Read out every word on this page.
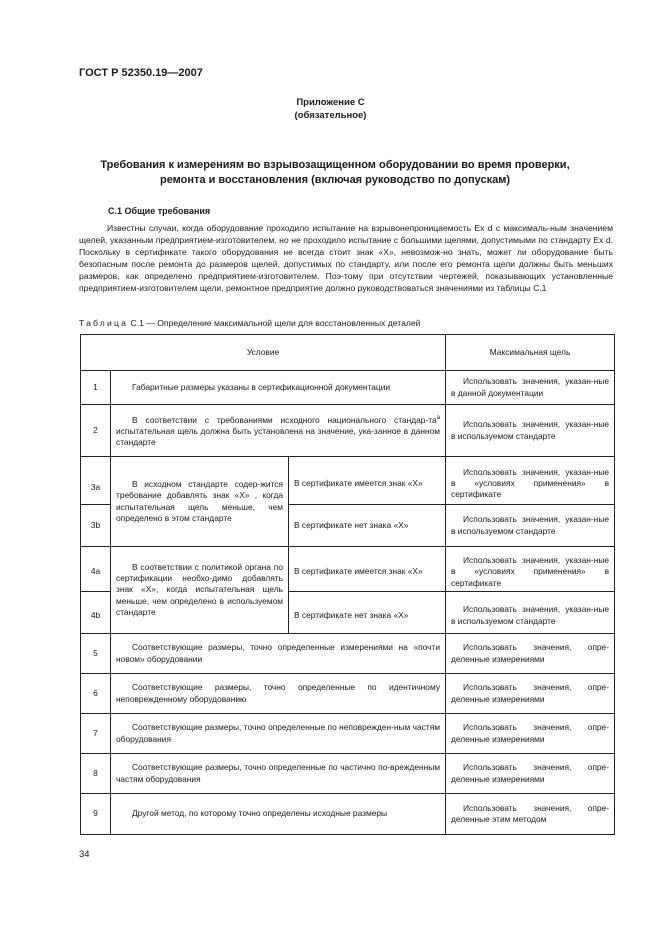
ГОСТ Р 52350.19—2007
Приложение С
(обязательное)
Требования к измерениям во взрывозащищенном оборудовании во время проверки,
ремонта и восстановления (включая руководство по допускам)
С.1 Общие требования
Известны случаи, когда оборудование проходило испытание на взрывонепроницаемость Ex d с максималь-ным значением щелей, указанным предприятием-изготовителем, но не проходило испытание с большими щелями, допустимыми по стандарту Ex d. Поскольку в сертификате такого оборудования не всегда стоит знак «Х», невозмож-но знать, может ли оборудование быть безопасным после ремонта до размеров щелей, допустимых по стандарту, или после его ремонта щели должны быть меньших размеров, как определено предприятием-изготовителем. Поэ-тому при отсутствии чертежей, показывающих установленные предприятием-изготовителем щели, ремонтное предприятие должно руководствоваться значениями из таблицы С.1
Таблица С.1 — Определение максимальной щели для восстановленных деталей
Условие			Максимальная щель
1	Габаритные размеры указаны в сертификационной документации		Использовать значения, указан-ные в данной документации
2	В соответствии с требованиями исходного национального стандар-$та^a$ испытательная щель должна быть установлена на значение, ука-занное в данном стандарте		Использовать значения, указан-ные в используемом стандарте
3a	В исходном стандарте содер-жится требование добавлять знак «Х» , когда испытательная щель меньше, чем определено в этом стандарте	В сертификате имеется знак «Х»	Использовать значения, указан-ные в «условиях применения» в сертификате
3b		В сертификате нет знака «Х»	Использовать значения, указан-ные в используемом стандарте
4a	В соответствии с политикой органа по сертификации необхо-димо добавлять знак «Х», когда испытательная щель меньше, чем определено в используемом стандарте	В сертификате имеется знак «Х»	Использовать значения, указан-ные в «условиях применения» в сертификате
4b		В сертификате нет знака «Х»	Использовать значения, указан-ные в используемом стандарте
5	Соответствующие размеры, точно определенные измерениями на «почти новом» оборудовании		Использовать значения, опре-деленные измерениями
6	Соответствующие размеры, точно определенные по идентичному неповрежденному оборудованию		Использовать значения, опре-деленные измерениями
7	Соответствующие размеры, точно определенные по неповрежден-ным частям оборудования		Использовать значения, опре-деленные измерениями
8	Соответствующие размеры, точно определенные по частично по-врежденным частям оборудования		Использовать значения, опре-деленные измерениями
9	Другой метод, по которому точно определены исходные размеры		Использовать значения, опре-деленные этим методом
34
